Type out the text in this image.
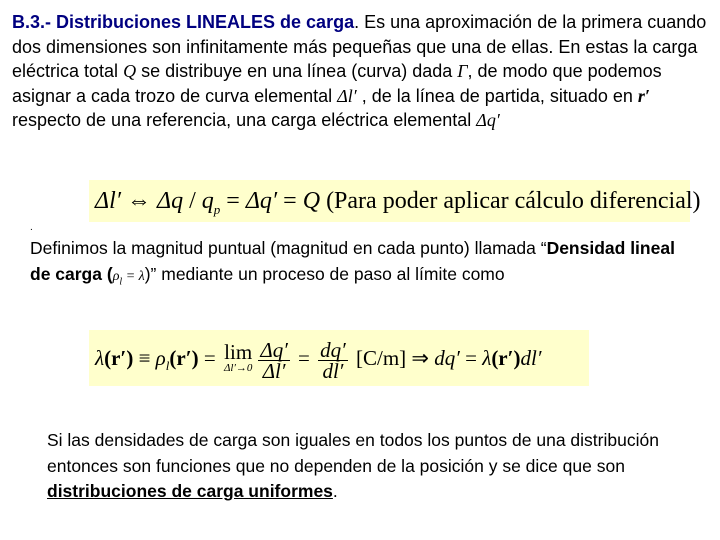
B.3.- Distribuciones LINEALES de carga. Es una aproximación de la primera cuando dos dimensiones son infinitamente más pequeñas que una de ellas. En estas la carga eléctrica total Q se distribuye en una línea (curva) dada Γ, de modo que podemos asignar a cada trozo de curva elemental Δl′ , de la línea de partida, situado en r′ respecto de una referencia, una carga eléctrica elemental Δq′
Δl′ ⇔ $\Delta q / q_p = \Delta q' = Q$ (Para poder aplicar cálculo diferencial)
.
Definimos la magnitud puntual (magnitud en cada punto) llamada “Densidad lineal de carga $(\rho_l = \lambda)$” mediante un proceso de paso al límite como
$\lambda(r') \equiv \rho_l(r') = \lim$
$\Delta l'\to 0 \frac{\Delta q'}{\Delta l'} = \frac{dq'}{dl'} [C/m]$ ⇒ dq′ = λ(r′)dl′
Si las densidades de carga son iguales en todos los puntos de una distribución entonces son funciones que no dependen de la posición y se dice que son distribuciones de carga uniformes.
